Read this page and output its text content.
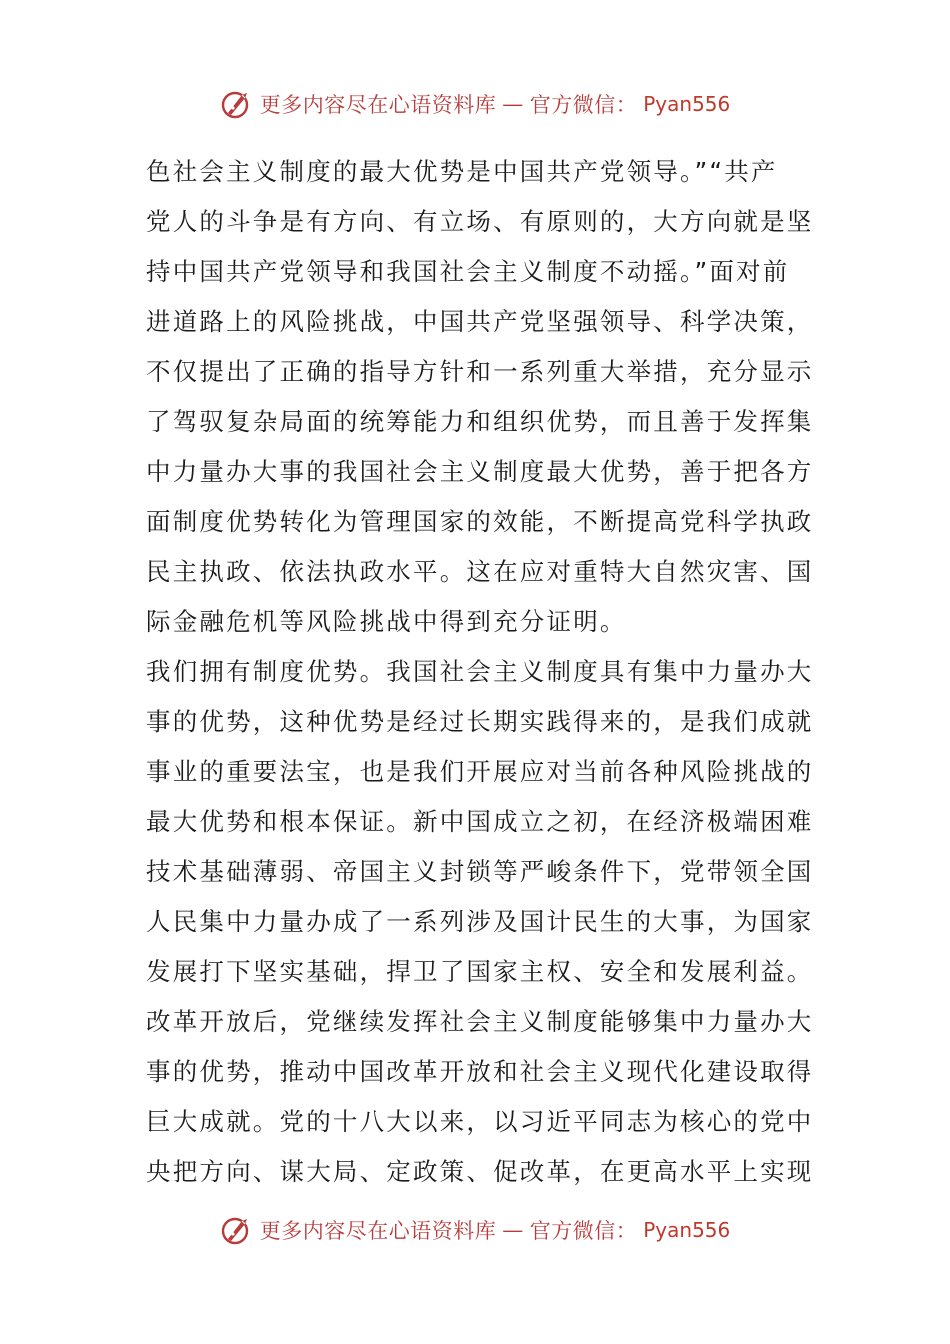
更多内容尽在心语资料库 — 官方微信： Pyan556
色社会主义制度的最大优势是中国共产党领导。”“共产
党人的斗争是有方向、有立场、有原则的，大方向就是坚
持中国共产党领导和我国社会主义制度不动摇。”面对前
进道路上的风险挑战，中国共产党坚强领导、科学决策，
不仅提出了正确的指导方针和一系列重大举措，充分显示
了驾驭复杂局面的统筹能力和组织优势，而且善于发挥集
中力量办大事的我国社会主义制度最大优势，善于把各方
面制度优势转化为管理国家的效能，不断提高党科学执政
民主执政、依法执政水平。这在应对重特大自然灾害、国
际金融危机等风险挑战中得到充分证明。
我们拥有制度优势。我国社会主义制度具有集中力量办大
事的优势，这种优势是经过长期实践得来的，是我们成就
事业的重要法宝，也是我们开展应对当前各种风险挑战的
最大优势和根本保证。新中国成立之初，在经济极端困难
技术基础薄弱、帝国主义封锁等严峻条件下，党带领全国
人民集中力量办成了一系列涉及国计民生的大事，为国家
发展打下坚实基础，捍卫了国家主权、安全和发展利益。
改革开放后，党继续发挥社会主义制度能够集中力量办大
事的优势，推动中国改革开放和社会主义现代化建设取得
巨大成就。党的十八大以来，以习近平同志为核心的党中
央把方向、谋大局、定政策、促改革，在更高水平上实现
更多内容尽在心语资料库 — 官方微信： Pyan556
